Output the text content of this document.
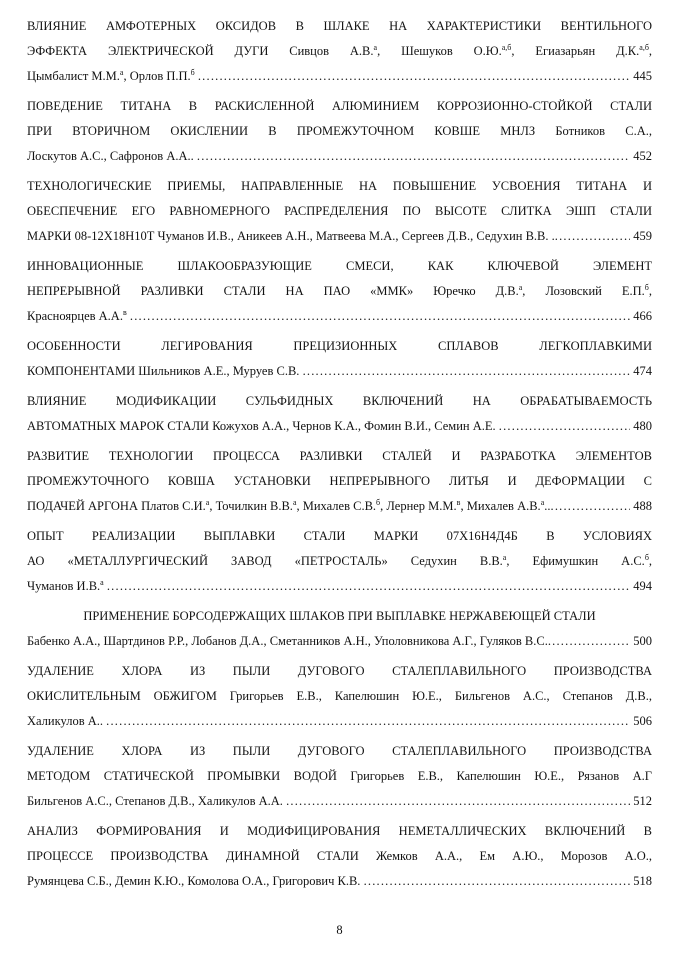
ВЛИЯНИЕ АМФОТЕРНЫХ ОКСИДОВ В ШЛАКЕ НА ХАРАКТЕРИСТИКИ ВЕНТИЛЬНОГО
ЭФФЕКТА ЭЛЕКТРИЧЕСКОЙ ДУГИ Сивцов А.В.$^а$, Шешуков О.Ю.$^{а,б}$, Егиазарьян Д.К.$^{а,б}$,
Цымбалист М.М.$^а$, Орлов П.П.$^б$ .....	445
ПОВЕДЕНИЕ ТИТАНА В РАСКИСЛЕННОЙ АЛЮМИНИЕМ КОРРОЗИОННО-СТОЙКОЙ СТАЛИ
ПРИ ВТОРИЧНОМ ОКИСЛЕНИИ В ПРОМЕЖУТОЧНОМ КОВШЕ МНЛЗ Ботников С.А.,
Лоскутов А.С., Сафронов А.А.. .....	452
ТЕХНОЛОГИЧЕСКИЕ ПРИЕМЫ, НАПРАВЛЕННЫЕ НА ПОВЫШЕНИЕ УСВОЕНИЯ ТИТАНА И
ОБЕСПЕЧЕНИЕ ЕГО РАВНОМЕРНОГО РАСПРЕДЕЛЕНИЯ ПО ВЫСОТЕ СЛИТКА ЭШП СТАЛИ
МАРКИ 08-12Х18Н10Т Чуманов И.В., Аникеев А.Н., Матвеева М.А., Сергеев Д.В., Седухин В.В. . .....	459
ИННОВАЦИОННЫЕ ШЛАКООБРАЗУЮЩИЕ СМЕСИ, КАК КЛЮЧЕВОЙ ЭЛЕМЕНТ
НЕПРЕРЫВНОЙ РАЗЛИВКИ СТАЛИ НА ПАО «ММК» Юречко Д.В.$^а$, Лозовский Е.П.$^б$,
Красноярцев А.А.$^в$ .....	466
ОСОБЕННОСТИ ЛЕГИРОВАНИЯ ПРЕЦИЗИОННЫХ СПЛАВОВ ЛЕГКОПЛАВКИМИ
КОМПОНЕНТАМИ Шильников А.Е., Муруев С.В. .....	474
ВЛИЯНИЕ МОДИФИКАЦИИ СУЛЬФИДНЫХ ВКЛЮЧЕНИЙ НА ОБРАБАТЫВАЕМОСТЬ
АВТОМАТНЫХ МАРОК СТАЛИ Кожухов А.А., Чернов К.А., Фомин В.И., Семин А.Е. .....	480
РАЗВИТИЕ ТЕХНОЛОГИИ ПРОЦЕССА РАЗЛИВКИ СТАЛЕЙ И РАЗРАБОТКА ЭЛЕМЕНТОВ
ПРОМЕЖУТОЧНОГО КОВША УСТАНОВКИ НЕПРЕРЫВНОГО ЛИТЬЯ И ДЕФОРМАЦИИ С
ПОДАЧЕЙ АРГОНА Платов С.И.$^а$, Точилкин В.В.$^а$, Михалев С.В.$^б$, Лернер М.М.$^в$, Михалев А.В.$^а$.. .....	488
ОПЫТ РЕАЛИЗАЦИИ ВЫПЛАВКИ СТАЛИ МАРКИ 07Х16Н4Д4Б В УСЛОВИЯХ
АО «МЕТАЛЛУРГИЧЕСКИЙ ЗАВОД «ПЕТРОСТАЛЬ» Седухин В.В.$^а$, Ефимушкин А.С.$^б$,
Чуманов И.В.$^а$ .....	494
ПРИМЕНЕНИЕ БОРСОДЕРЖАЩИХ ШЛАКОВ ПРИ ВЫПЛАВКЕ НЕРЖАВЕЮЩЕЙ СТАЛИ
Бабенко А.А., Шартдинов Р.Р., Лобанов Д.А., Сметанников А.Н., Уполовникова А.Г., Гуляков В.С. .....	500
УДАЛЕНИЕ ХЛОРА ИЗ ПЫЛИ ДУГОВОГО СТАЛЕПЛАВИЛЬНОГО ПРОИЗВОДСТВА
ОКИСЛИТЕЛЬНЫМ ОБЖИГОМ Григорьев Е.В., Капелюшин Ю.Е., Бильгенов А.С., Степанов Д.В.,
Халикулов А.. .....	506
УДАЛЕНИЕ ХЛОРА ИЗ ПЫЛИ ДУГОВОГО СТАЛЕПЛАВИЛЬНОГО ПРОИЗВОДСТВА
МЕТОДОМ СТАТИЧЕСКОЙ ПРОМЫВКИ ВОДОЙ Григорьев Е.В., Капелюшин Ю.Е., Рязанов А.Г
Бильгенов А.С., Степанов Д.В., Халикулов А.А. .....	512
АНАЛИЗ ФОРМИРОВАНИЯ И МОДИФИЦИРОВАНИЯ НЕМЕТАЛЛИЧЕСКИХ ВКЛЮЧЕНИЙ В
ПРОЦЕССЕ ПРОИЗВОДСТВА ДИНАМНОЙ СТАЛИ Жемков А.А., Ем А.Ю., Морозов А.О.,
Румянцева С.Б., Демин К.Ю., Комолова О.А., Григорович К.В. .....	518
8
